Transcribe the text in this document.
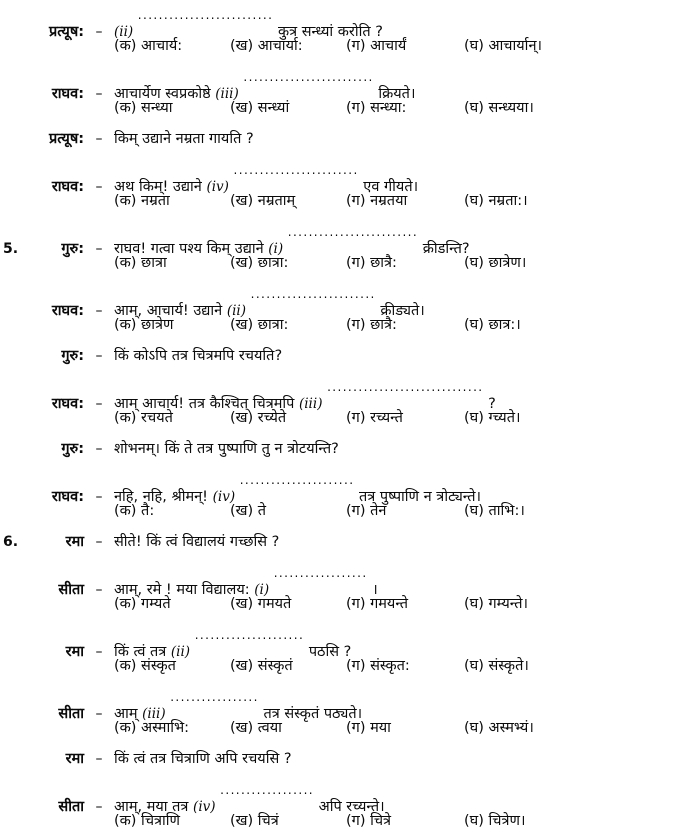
प्रत्यूष: – (ii) .......................... कुत्र सन्ध्यां करोति ?
(क) आचार्य:	(ख) आचार्या:	(ग) आचार्यं	(घ) आचार्यान्।
राघव: – आचार्येण स्वप्रकोष्ठे (iii) ......................... क्रियते।
(क) सन्ध्या	(ख) सन्ध्यां	(ग) सन्ध्या:	(घ) सन्ध्यया।
प्रत्यूष: – किम् उद्याने नम्रता गायति ?
राघव: – अथ किम्! उद्याने (iv) ........................ एव गीयते।
(क) नम्रता	(ख) नम्रताम्	(ग) नम्रतया	(घ) नम्रता:।
5.	गुरु: – राघव! गत्वा पश्य किम् उद्याने (i) ......................... क्रीडन्ति?
(क) छात्रा	(ख) छात्रा:	(ग) छात्रै:	(घ) छात्रेण।
राघव: – आम्, आचार्य! उद्याने (ii) ........................ क्रीड्यते।
(क) छात्रेण	(ख) छात्रा:	(ग) छात्रै:	(घ) छात्र:।
गुरु: – किं कोऽपि तत्र चित्रमपि रचयति?
राघव: – आम् आचार्य! तत्र कैश्चित् चित्रमपि (iii) .............................. ?
(क) रचयते	(ख) रच्येते	(ग) रच्यन्ते	(घ) ग्च्यते।
गुरु: – शोभनम्। किं ते तत्र पुष्पाणि तु न त्रोटयन्ति?
राघव: – नहि, नहि, श्रीमन्! (iv) ...................... तत्र पुष्पाणि न त्रोट्यन्ते।
(क) तै:	(ख) ते	(ग) तेन	(घ) ताभि:।
6.	रमा – सीते! किं त्वं विद्यालयं गच्छसि ?
सीता – आम्, रमे ! मया विद्यालय: (i) .................. ।
(क) गम्यते	(ख) गमयते	(ग) गमयन्ते	(घ) गम्यन्ते।
रमा – किं त्वं तत्र (ii) ..................... पठसि ?
(क) संस्कृत	(ख) संस्कृतं	(ग) संस्कृत:	(घ) संस्कृते।
सीता – आम् (iii) ................. तत्र संस्कृतं पठ्यते।
(क) अस्माभि:	(ख) त्वया	(ग) मया	(घ) अस्मभ्यं।
रमा – किं त्वं तत्र चित्राणि अपि रचयसि ?
सीता – आम्, मया तत्र (iv) .................. अपि रच्यन्ते।
(क) चित्राणि	(ख) चित्रं	(ग) चित्रे	(घ) चित्रेण।
